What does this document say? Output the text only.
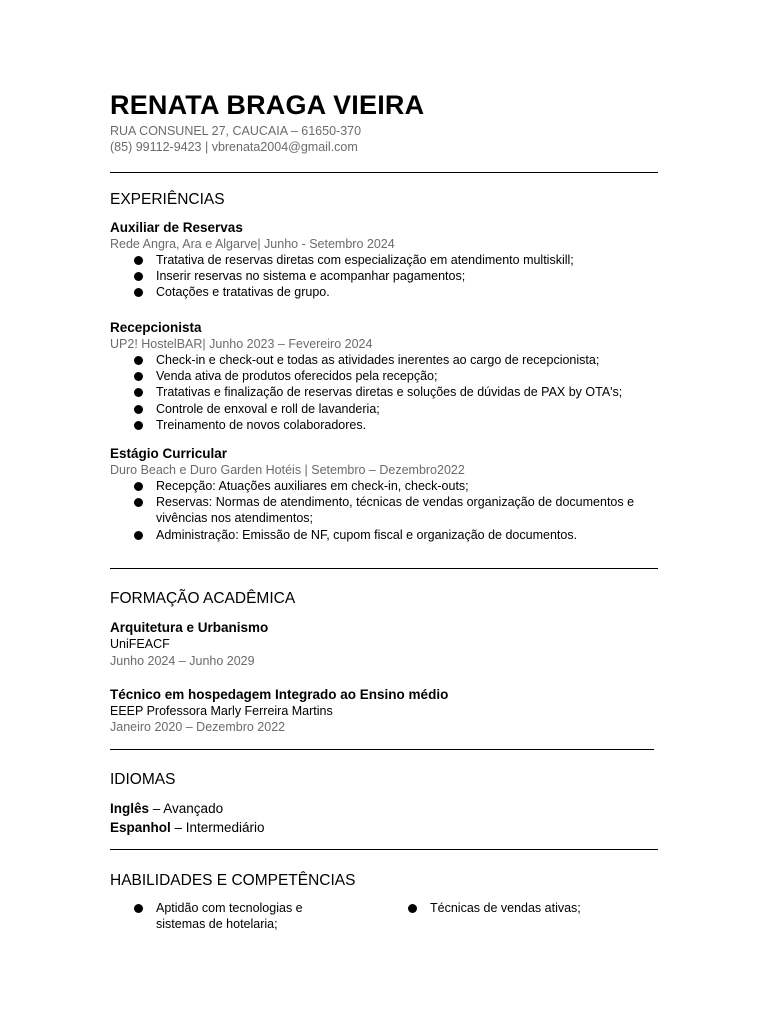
RENATA BRAGA VIEIRA
RUA CONSUNEL 27, CAUCAIA – 61650-370
(85) 99112-9423 | vbrenata2004@gmail.com
EXPERIÊNCIAS
Auxiliar de Reservas
Rede Angra, Ara e Algarve| Junho - Setembro 2024
Tratativa de reservas diretas com especialização em atendimento multiskill;
Inserir reservas no sistema e acompanhar pagamentos;
Cotações e tratativas de grupo.
Recepcionista
UP2! HostelBAR| Junho 2023 – Fevereiro 2024
Check-in e check-out e todas as atividades inerentes ao cargo de recepcionista;
Venda ativa de produtos oferecidos pela recepção;
Tratativas e finalização de reservas diretas e soluções de dúvidas de PAX by OTA's;
Controle de enxoval e roll de lavanderia;
Treinamento de novos colaboradores.
Estágio Curricular
Duro Beach e Duro Garden Hotéis | Setembro – Dezembro2022
Recepção: Atuações auxiliares em check-in, check-outs;
Reservas: Normas de atendimento, técnicas de vendas organização de documentos e vivências nos atendimentos;
Administração: Emissão de NF, cupom fiscal e organização de documentos.
FORMAÇÃO ACADÊMICA
Arquitetura e Urbanismo
UniFEACF
Junho 2024 – Junho 2029
Técnico em hospedagem Integrado ao Ensino médio
EEEP Professora Marly Ferreira Martins
Janeiro 2020 – Dezembro 2022
IDIOMAS
Inglês – Avançado
Espanhol – Intermediário
HABILIDADES E COMPETÊNCIAS
Aptidão com tecnologias e sistemas de hotelaria;
Técnicas de vendas ativas;
